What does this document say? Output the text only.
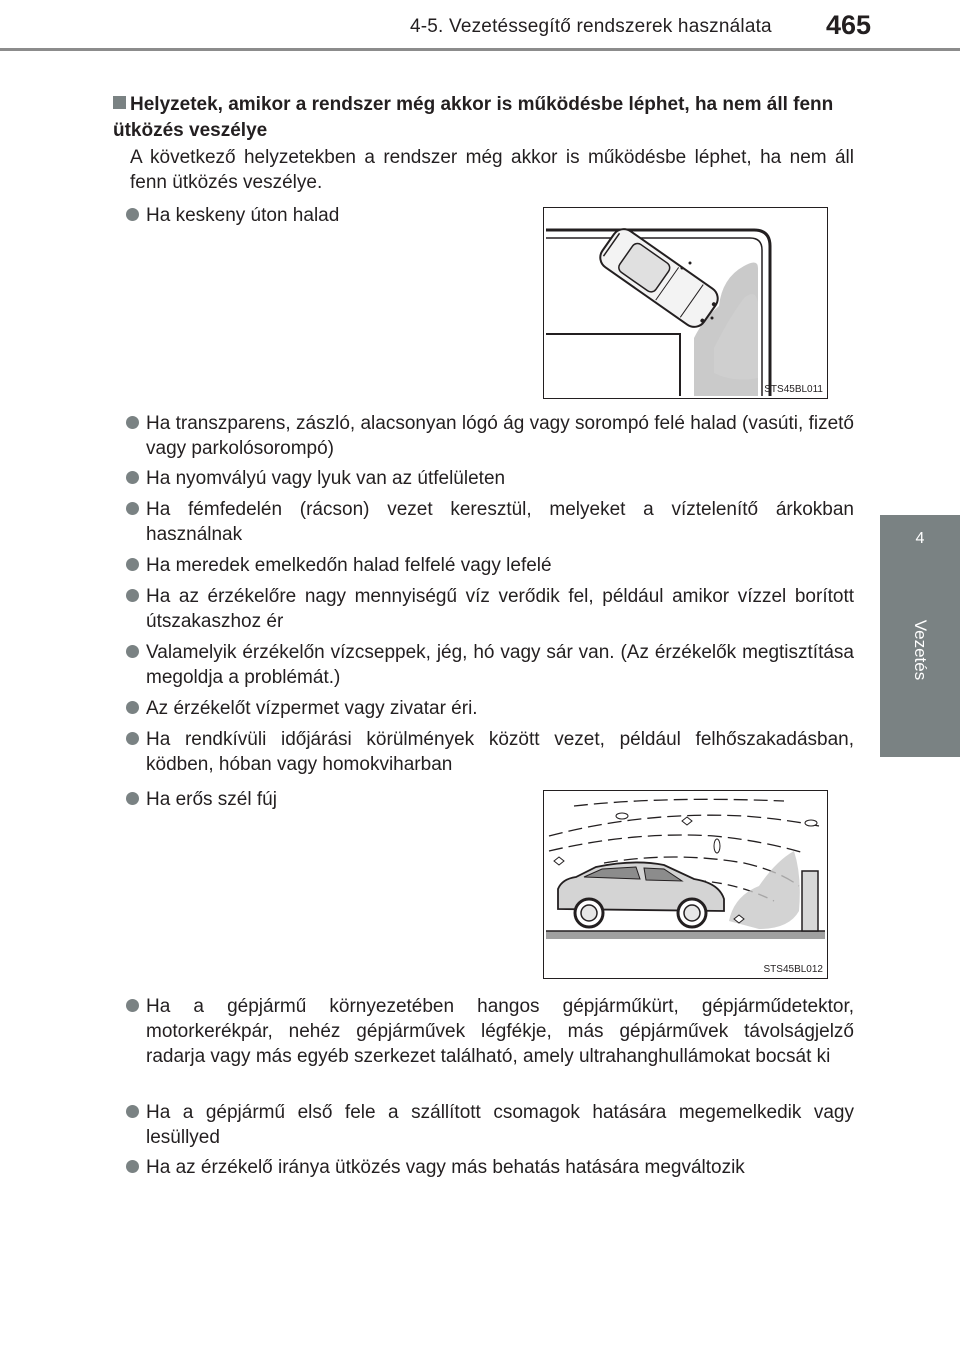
4-5. Vezetéssegítő rendszerek használata 465
4
Vezetés
Helyzetek, amikor a rendszer még akkor is működésbe léphet, ha nem áll fenn ütközés veszélye
A következő helyzetekben a rendszer még akkor is működésbe léphet, ha nem áll fenn ütközés veszélye.
Ha keskeny úton halad
STS45BL011
Ha transzparens, zászló, alacsonyan lógó ág vagy sorompó felé halad (vasúti, fizető vagy parkolósorompó)
Ha nyomvályú vagy lyuk van az útfelületen
Ha fémfedelén (rácson) vezet keresztül, melyeket a víztelenítő árkokban használnak
Ha meredek emelkedőn halad felfelé vagy lefelé
Ha az érzékelőre nagy mennyiségű víz verődik fel, például amikor vízzel borított útszakaszhoz ér
Valamelyik érzékelőn vízcseppek, jég, hó vagy sár van. (Az érzékelők megtisztítása megoldja a problémát.)
Az érzékelőt vízpermet vagy zivatar éri.
Ha rendkívüli időjárási körülmények között vezet, például felhőszakadásban, ködben, hóban vagy homokviharban
Ha erős szél fúj
STS45BL012
Ha a gépjármű környezetében hangos gépjárműkürt, gépjárműdetektor, motorkerékpár, nehéz gépjárművek légfékje, más gépjárművek távolságjelző radarja vagy más egyéb szerkezet található, amely ultrahanghullámokat bocsát ki
Ha a gépjármű első fele a szállított csomagok hatására megemelkedik vagy lesüllyed
Ha az érzékelő iránya ütközés vagy más behatás hatására megváltozik
